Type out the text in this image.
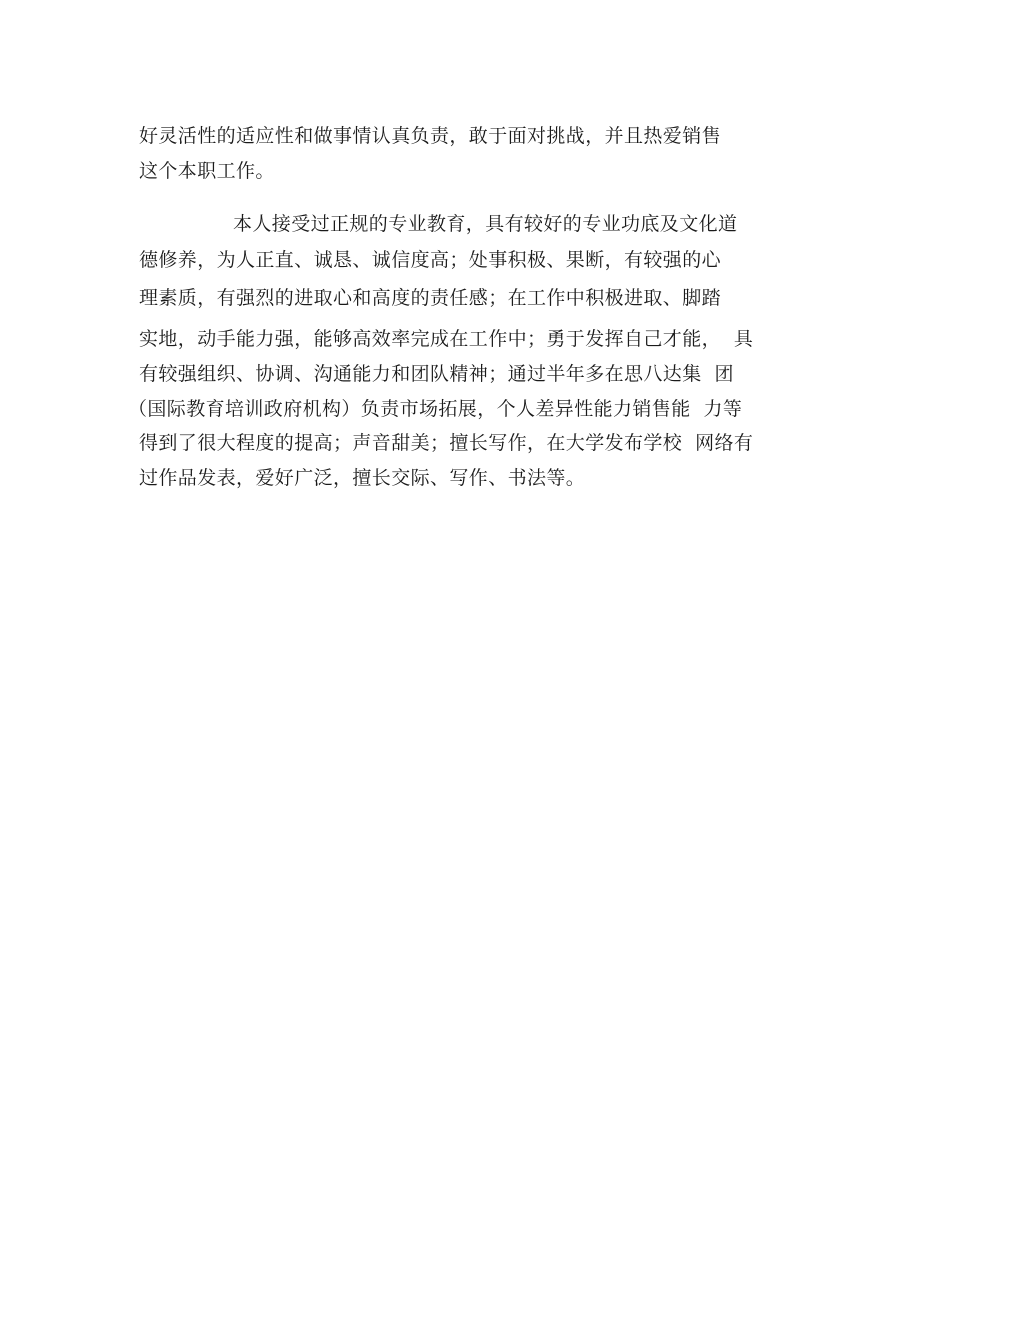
好灵活性的适应性和做事情认真负责，敢于面对挑战，并且热爱销售
这个本职工作。
本人接受过正规的专业教育，具有较好的专业功底及文化道
德修养，为人正直、诚恳、诚信度高；处事积极、果断，有较强的心
理素质，有强烈的进取心和高度的责任感；在工作中积极进取、脚踏
实地，动手能力强，能够高效率完成在工作中；勇于发挥自己才能，  具
有较强组织、协调、沟通能力和团队精神；通过半年多在思八达集  团
（国际教育培训政府机构）负责市场拓展，个人差异性能力销售能  力等
得到了很大程度的提高；声音甜美；擅长写作，在大学发布学校  网络有
过作品发表，爱好广泛，擅长交际、写作、书法等。
